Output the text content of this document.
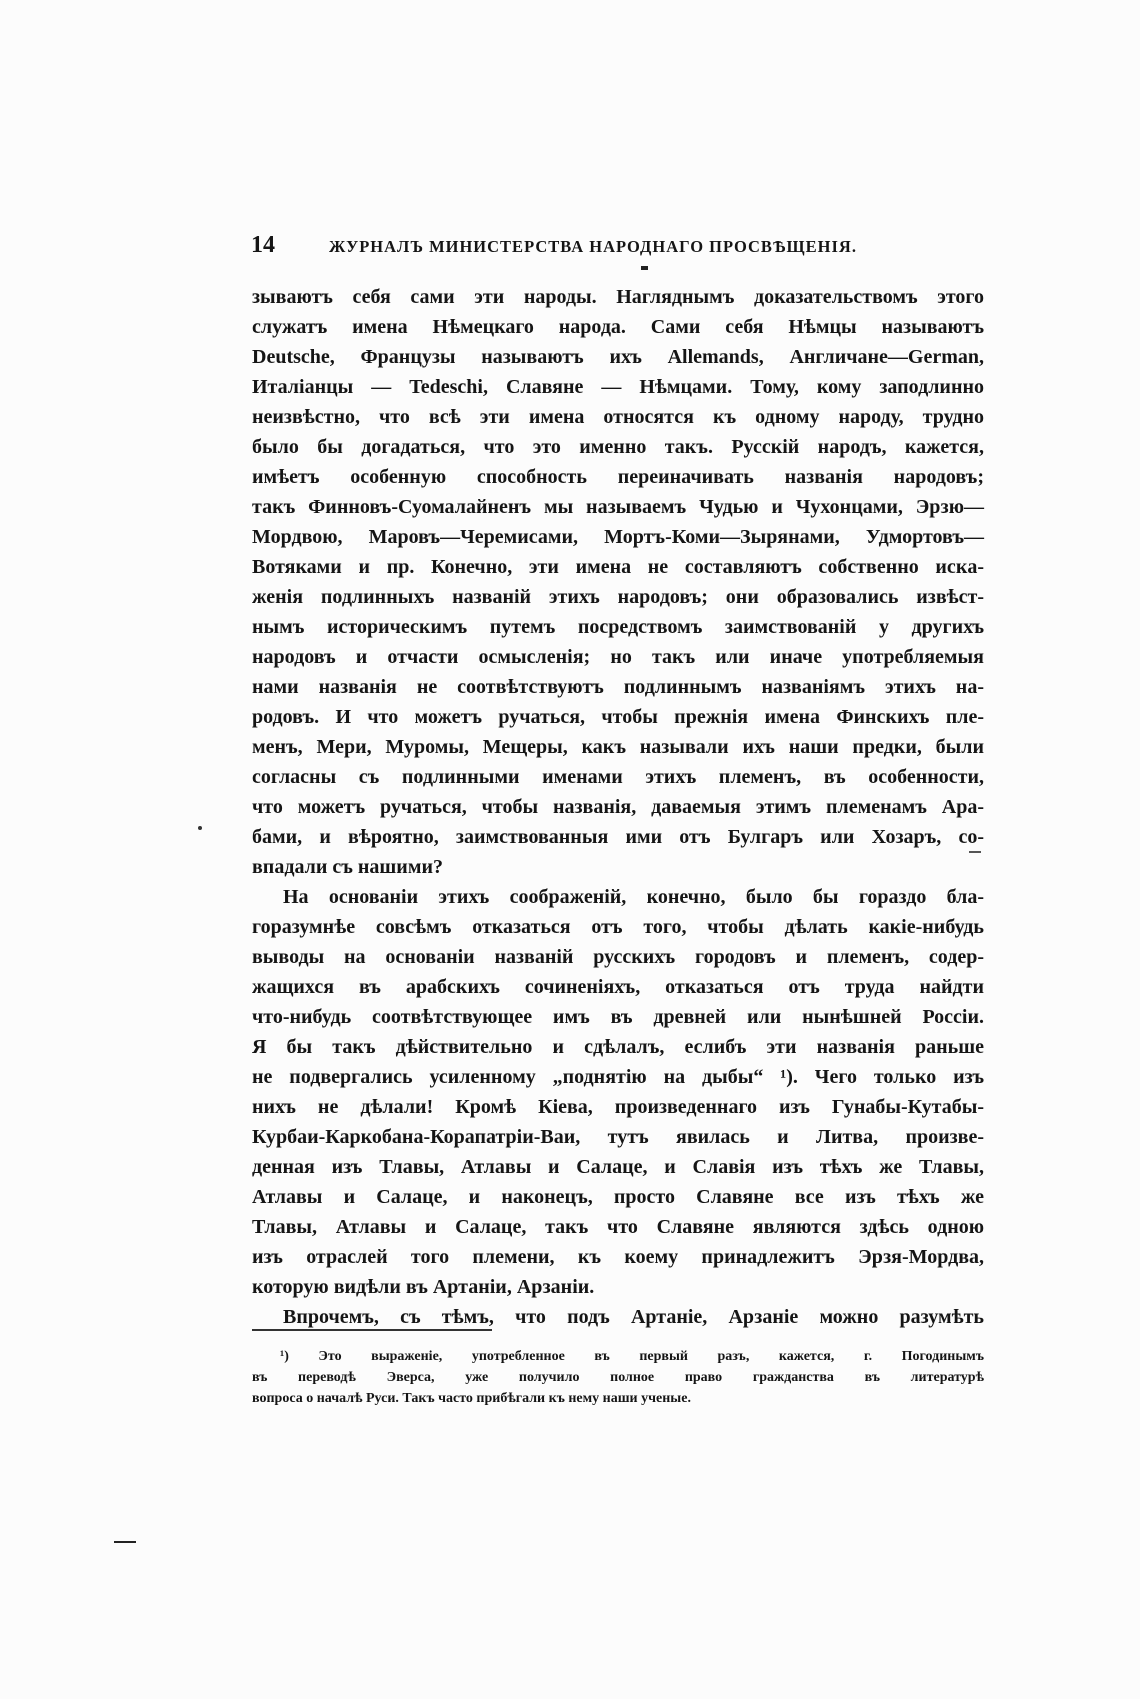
14	ЖУРНАЛЪ МИНИСТЕРСТВА НАРОДНАГО ПРОСВѢЩЕНІЯ.
зываютъ себя сами эти народы. Нагляднымъ доказательствомъ этого
служатъ имена Нѣмецкаго народа. Сами себя Нѣмцы называютъ
Deutsche, Французы называютъ ихъ Allemands, Англичане—German,
Италіанцы — Tedeschi, Славяне — Нѣмцами. Тому, кому заподлинно
неизвѣстно, что всѣ эти имена относятся къ одному народу, трудно
было бы догадаться, что это именно такъ. Русскій народъ, кажется,
имѣетъ особенную способность переиначивать названія народовъ;
такъ Финновъ-Суомалайненъ мы называемъ Чудью и Чухонцами, Эрзю—
Мордвою, Маровъ—Черемисами, Мортъ-Коми—Зырянами, Удмортовъ—
Вотяками и пр. Конечно, эти имена не составляютъ собственно искa-
женія подлинныхъ названій этихъ народовъ; они образовались извѣст-
нымъ историческимъ путемъ посредствомъ заимствованій у другихъ
народовъ и отчасти осмысленія; но такъ или иначе употребляемыя
нами названія не соотвѣтствуютъ подлиннымъ названіямъ этихъ на-
родовъ. И что можетъ ручаться, чтобы прежнія имена Финскихъ пле-
менъ, Мери, Муромы, Мещеры, какъ называли ихъ наши предки, были
согласны съ подлинными именами этихъ племенъ, въ особенности,
что можетъ ручаться, чтобы названія, даваемыя этимъ племенамъ Ара-
бами, и вѣроятно, заимствованныя ими отъ Булгаръ или Хозаръ, со-
впадали съ нашими?
На основаніи этихъ соображеній, конечно, было бы гораздо бла-
горазумнѣе совсѣмъ отказаться отъ того, чтобы дѣлать какіе-нибудь
выводы на основаніи названій русскихъ городовъ и племенъ, содер-
жащихся въ арабскихъ сочиненіяхъ, отказаться отъ труда найдти
что-нибудь соотвѣтствующее имъ въ древней или нынѣшней Россіи.
Я бы такъ дѣйствительно и сдѣлалъ, еслибъ эти названія раньше
не подвергались усиленному „поднятію на дыбы“ ¹). Чего только изъ
нихъ не дѣлали! Кромѣ Кіева, произведеннаго изъ Гунабы-Кутабы-
Курбаи-Каркобана-Корапатріи-Ваи, тутъ явилась и Литва, произве-
денная изъ Тлавы, Атлавы и Салаце, и Славія изъ тѣхъ же Тлавы,
Атлавы и Салаце, и наконецъ, просто Славяне все изъ тѣхъ же
Тлавы, Атлавы и Салаце, такъ что Славяне являются здѣсь одною
изъ отраслей того племени, къ коему принадлежитъ Эрзя-Мордва,
которую видѣли въ Артаніи, Арзаніи.
Впрочемъ, съ тѣмъ, что подъ Артаніе, Арзаніе можно разумѣть
¹) Это выраженіе, употребленное въ первый разъ, кажется, г. Погодинымъ
въ переводѣ Эверса, уже получило полное право гражданства въ литературѣ
вопроса о началѣ Руси. Такъ часто прибѣгали къ нему наши ученые.
